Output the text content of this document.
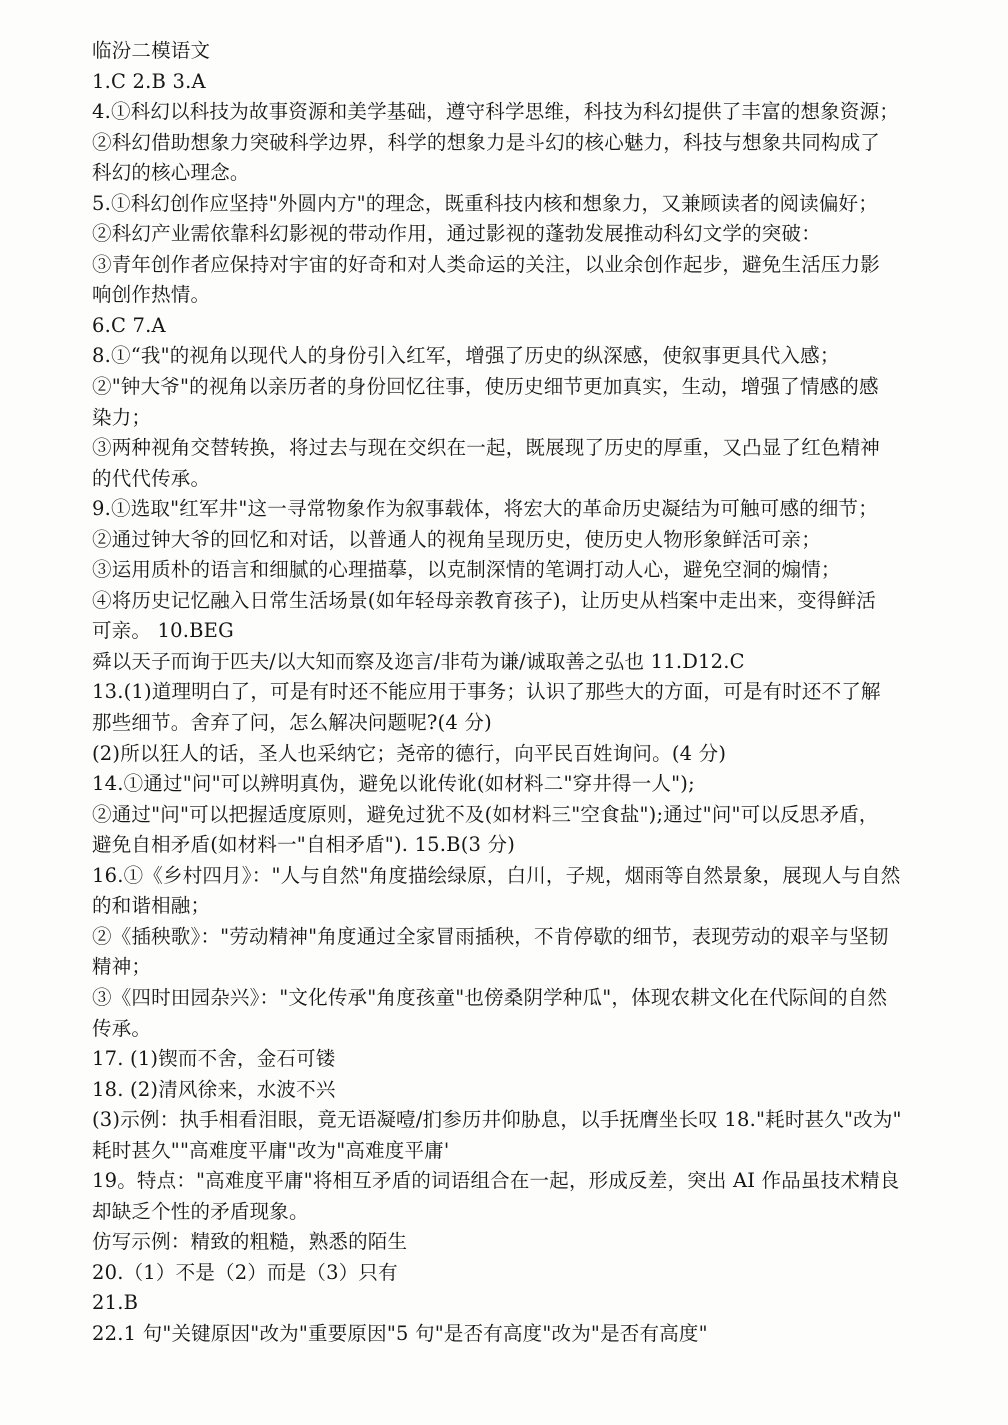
临汾二模语文
1.C 2.B 3.A
4.①科幻以科技为故事资源和美学基础，遵守科学思维，科技为科幻提供了丰富的想象资源；
②科幻借助想象力突破科学边界，科学的想象力是斗幻的核心魅力，科技与想象共同构成了
科幻的核心理念。
5.①科幻创作应坚持"外圆内方"的理念，既重科技内核和想象力，又兼顾读者的阅读偏好；
②科幻产业需依靠科幻影视的带动作用，通过影视的蓬勃发展推动科幻文学的突破：
③青年创作者应保持对宇宙的好奇和对人类命运的关注，以业余创作起步，避免生活压力影
响创作热情。
6.C 7.A
8.①“我"的视角以现代人的身份引入红军，增强了历史的纵深感，使叙事更具代入感；
②"钟大爷"的视角以亲历者的身份回忆往事，使历史细节更加真实，生动，增强了情感的感
染力；
③两种视角交替转换，将过去与现在交织在一起，既展现了历史的厚重，又凸显了红色精神
的代代传承。
9.①选取"红军井"这一寻常物象作为叙事载体，将宏大的革命历史凝结为可触可感的细节；
②通过钟大爷的回忆和对话，以普通人的视角呈现历史，使历史人物形象鲜活可亲；
③运用质朴的语言和细腻的心理描摹，以克制深情的笔调打动人心，避免空洞的煽情；
④将历史记忆融入日常生活场景(如年轻母亲教育孩子)，让历史从档案中走出来，变得鲜活
可亲。 10.BEG
舜以天子而询于匹夫/以大知而察及迩言/非苟为谦/诚取善之弘也 11.D12.C
13.(1)道理明白了，可是有时还不能应用于事务；认识了那些大的方面，可是有时还不了解
那些细节。舍弃了问，怎么解决问题呢?(4 分)
(2)所以狂人的话，圣人也采纳它；尧帝的德行，向平民百姓询问。(4 分)
14.①通过"问"可以辨明真伪，避免以讹传讹(如材料二"穿井得一人");
②通过"问"可以把握适度原则，避免过犹不及(如材料三"空食盐");通过"问"可以反思矛盾，
避免自相矛盾(如材料一"自相矛盾"). 15.B(3 分)
16.①《乡村四月》："人与自然"角度描绘绿原，白川，子规，烟雨等自然景象，展现人与自然
的和谐相融；
②《插秧歌》："劳动精神"角度通过全家冒雨插秧，不肯停歇的细节，表现劳动的艰辛与坚韧
精神；
③《四时田园杂兴》："文化传承"角度孩童"也傍桑阴学种瓜"，体现农耕文化在代际间的自然
传承。
17. (1)锲而不舍，金石可镂
18. (2)清风徐来，水波不兴
(3)示例：执手相看泪眼，竟无语凝噎/扪参历井仰胁息，以手抚膺坐长叹 18."耗时甚久"改为"
耗时甚久""高难度平庸"改为"高难度平庸'
19。特点："高难度平庸"将相互矛盾的词语组合在一起，形成反差，突出 AI 作品虽技术精良
却缺乏个性的矛盾现象。
仿写示例：精致的粗糙，熟悉的陌生
20.（1）不是（2）而是（3）只有
21.B
22.1 句"关键原因"改为"重要原因"5 句"是否有高度"改为"是否有高度"
